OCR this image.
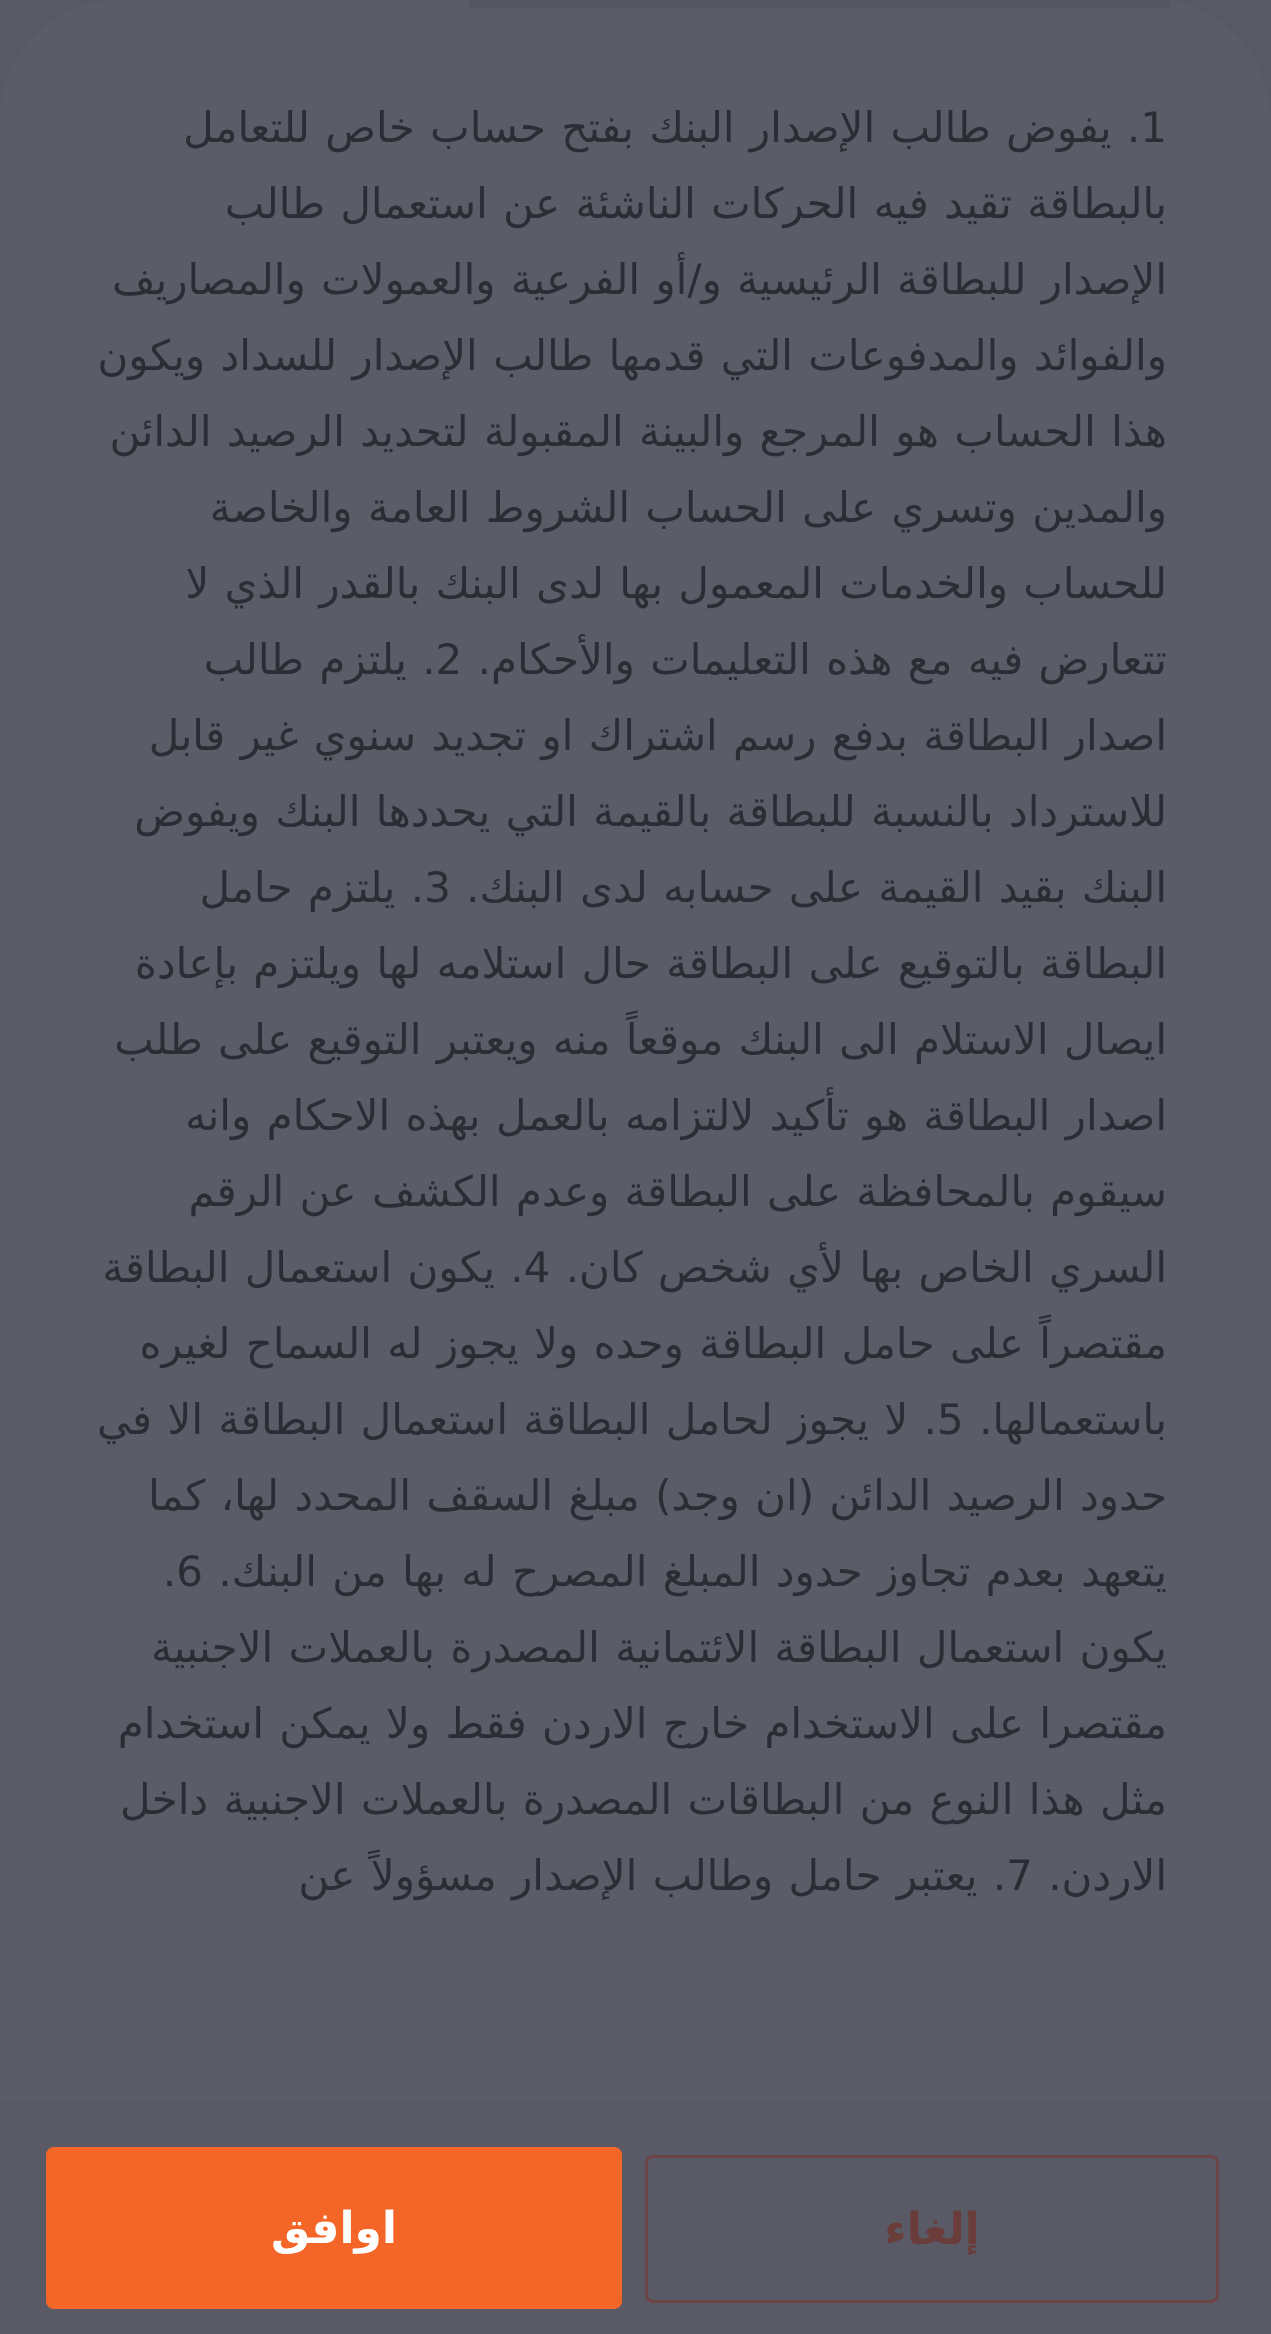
1. يفوض طالب الإصدار البنك بفتح حساب خاص للتعامل بالبطاقة تقيد فيه الحركات الناشئة عن استعمال طالب الإصدار للبطاقة الرئيسية و/أو الفرعية والعمولات والمصاريف والفوائد والمدفوعات التي قدمها طالب الإصدار للسداد ويكون هذا الحساب هو المرجع والبينة المقبولة لتحديد الرصيد الدائن والمدين وتسري على الحساب الشروط العامة والخاصة للحساب والخدمات المعمول بها لدى البنك بالقدر الذي لا تتعارض فيه مع هذه التعليمات والأحكام. 2. يلتزم طالب اصدار البطاقة بدفع رسم اشتراك او تجديد سنوي غير قابل للاسترداد بالنسبة للبطاقة بالقيمة التي يحددها البنك ويفوض البنك بقيد القيمة على حسابه لدى البنك. 3. يلتزم حامل البطاقة بالتوقيع على البطاقة حال استلامه لها ويلتزم بإعادة ايصال الاستلام الى البنك موقعاً منه ويعتبر التوقيع على طلب اصدار البطاقة هو تأكيد لالتزامه بالعمل بهذه الاحكام وانه سيقوم بالمحافظة على البطاقة وعدم الكشف عن الرقم السري الخاص بها لأي شخص كان. 4. يكون استعمال البطاقة مقتصراً على حامل البطاقة وحده ولا يجوز له السماح لغيره باستعمالها. 5. لا يجوز لحامل البطاقة استعمال البطاقة الا في حدود الرصيد الدائن (ان وجد) مبلغ السقف المحدد لها، كما يتعهد بعدم تجاوز حدود المبلغ المصرح له بها من البنك. 6. يكون استعمال البطاقة الائتمانية المصدرة بالعملات الاجنبية مقتصرا على الاستخدام خارج الاردن فقط ولا يمكن استخدام مثل هذا النوع من البطاقات المصدرة بالعملات الاجنبية داخل الاردن. 7. يعتبر حامل وطالب الإصدار مسؤولاً عن

اوافق	إلغاء
